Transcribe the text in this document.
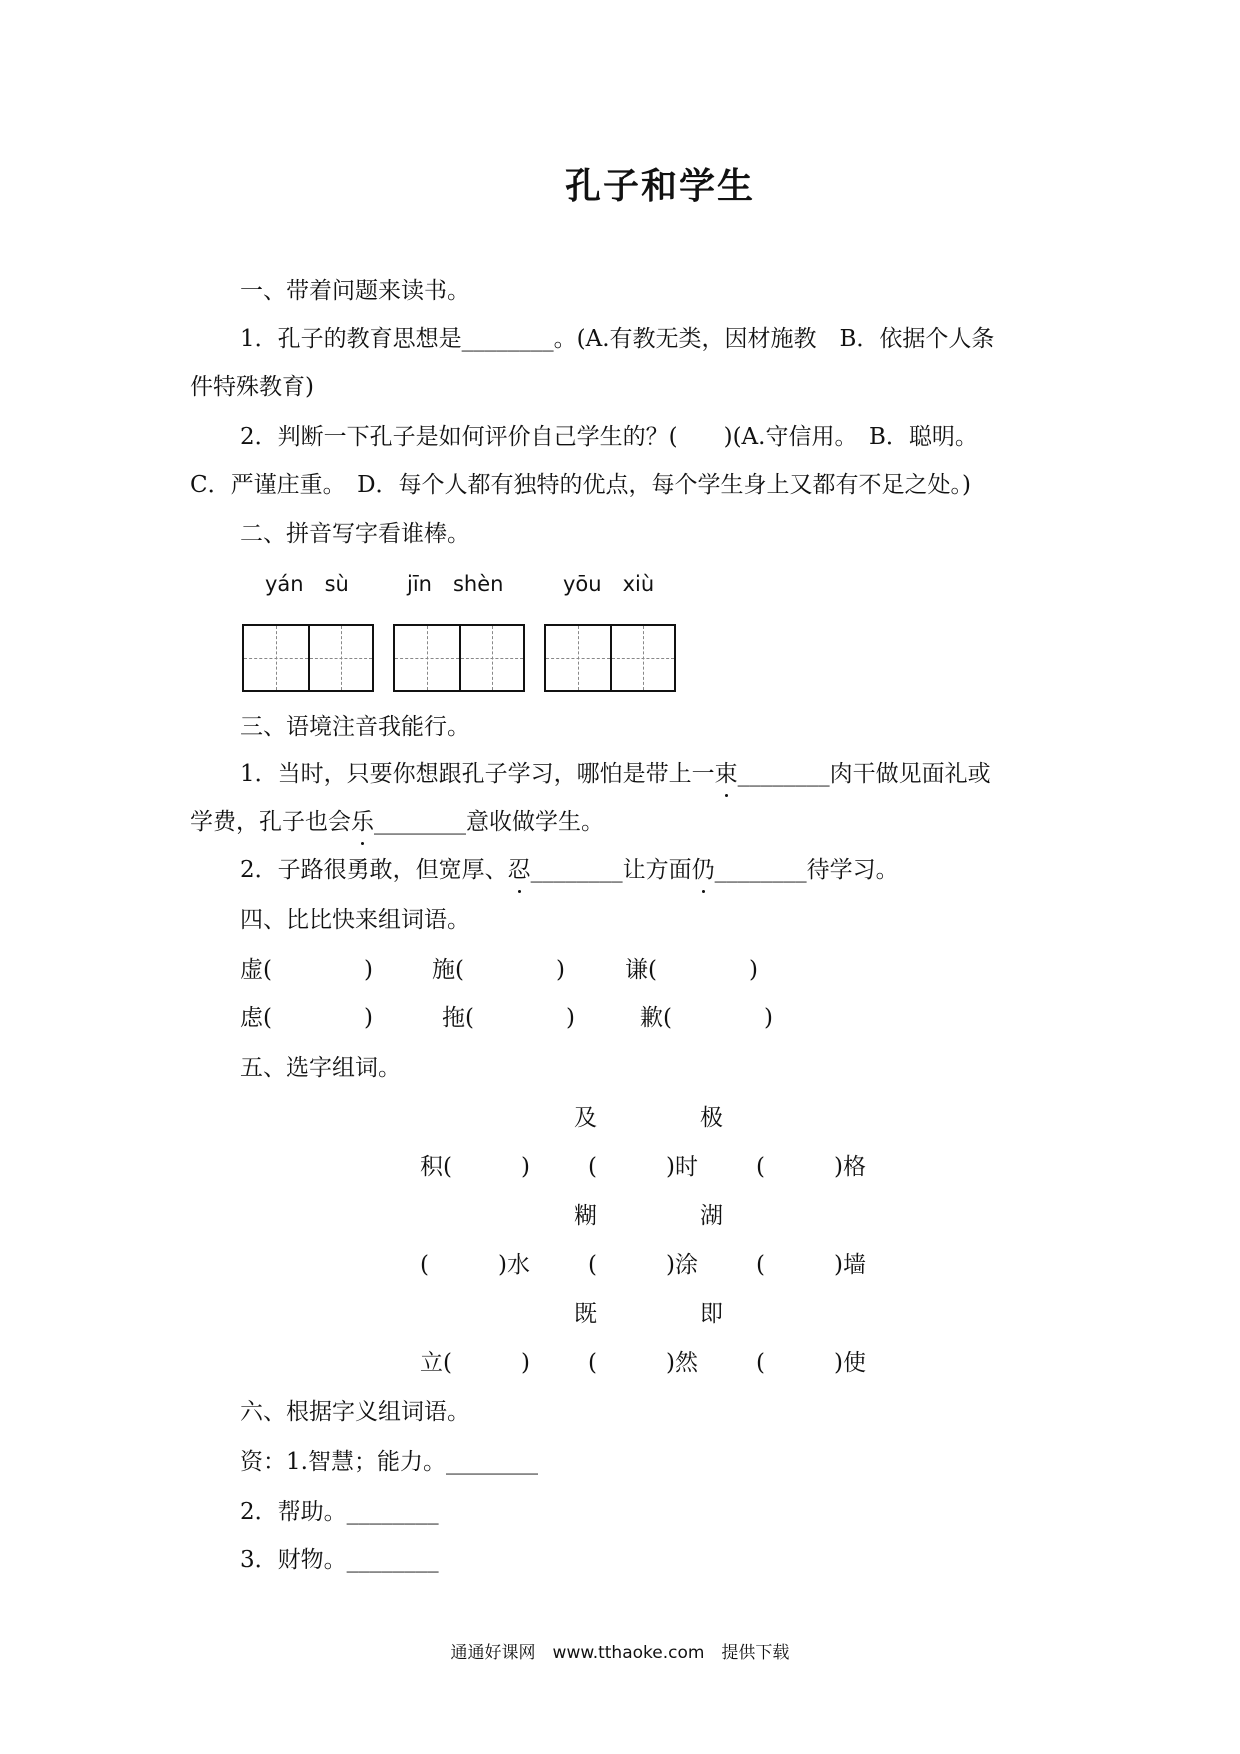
孔子和学生
一、带着问题来读书。
1．孔子的教育思想是________。(A.有教无类，因材施教　B．依据个人条
件特殊教育)
2．判断一下孔子是如何评价自己学生的？(　　)(A.守信用。　B．聪明。
C．严谨庄重。　D．每个人都有独特的优点，每个学生身上又都有不足之处。)
二、拼音写字看谁棒。
yán　sù	jīn　shèn	yōu　xiù
三、语境注音我能行。
1．当时，只要你想跟孔子学习，哪怕是带上一束________肉干做见面礼或
学费，孔子也会乐________意收做学生。
2．子路很勇敢，但宽厚、忍________让方面仍________待学习。
四、比比快来组词语。
虚(　　　　)	施(　　　　)	谦(　　　　)
虑(　　　　)	拖(　　　　)	歉(　　　　)
五、选字组词。
及	极
积(　　　)	(　　　)时	(　　　)格
糊	湖
(　　　)水	(　　　)涂	(　　　)墙
既	即
立(　　　)	(　　　)然	(　　　)使
六、根据字义组词语。
资：1.智慧；能力。________
2．帮助。________
3．财物。________
通通好课网　www.tthaoke.com　提供下载
